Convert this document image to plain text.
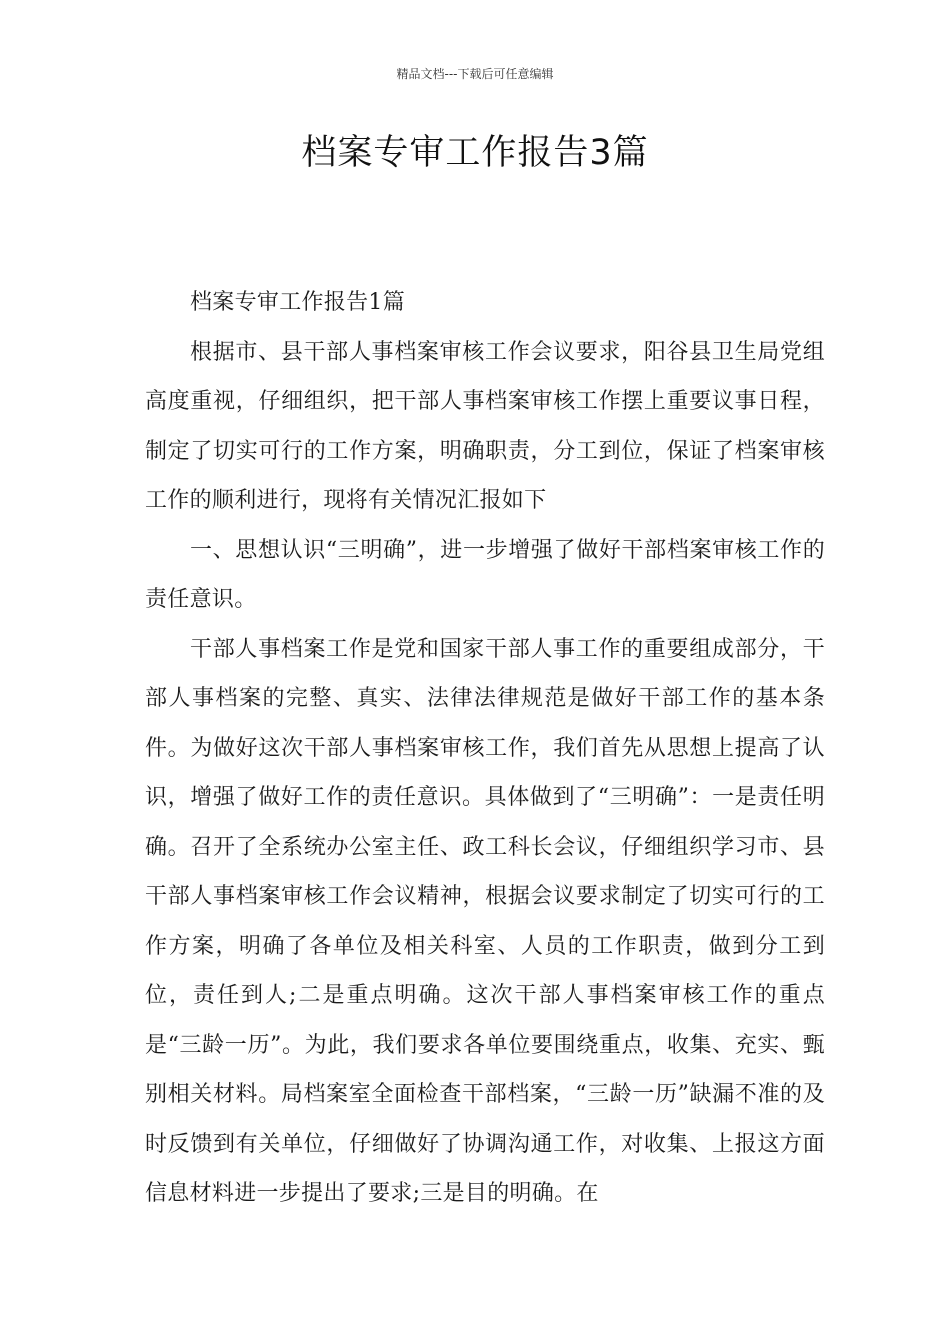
精品文档---下载后可任意编辑
档案专审工作报告3篇

档案专审工作报告1篇

根据市、县干部人事档案审核工作会议要求，阳谷县卫生局党组高度重视，仔细组织，把干部人事档案审核工作摆上重要议事日程，制定了切实可行的工作方案，明确职责，分工到位，保证了档案审核工作的顺利进行，现将有关情况汇报如下

一、思想认识“三明确”，进一步增强了做好干部档案审核工作的责任意识。

干部人事档案工作是党和国家干部人事工作的重要组成部分，干部人事档案的完整、真实、法律法律规范是做好干部工作的基本条件。为做好这次干部人事档案审核工作，我们首先从思想上提高了认识，增强了做好工作的责任意识。具体做到了“三明确”：一是责任明确。召开了全系统办公室主任、政工科长会议，仔细组织学习市、县干部人事档案审核工作会议精神，根据会议要求制定了切实可行的工作方案，明确了各单位及相关科室、人员的工作职责，做到分工到位，责任到人;二是重点明确。这次干部人事档案审核工作的重点是“三龄一历”。为此，我们要求各单位要围绕重点，收集、充实、甄别相关材料。局档案室全面检查干部档案，“三龄一历”缺漏不准的及时反馈到有关单位，仔细做好了协调沟通工作，对收集、上报这方面信息材料进一步提出了要求;三是目的明确。在
